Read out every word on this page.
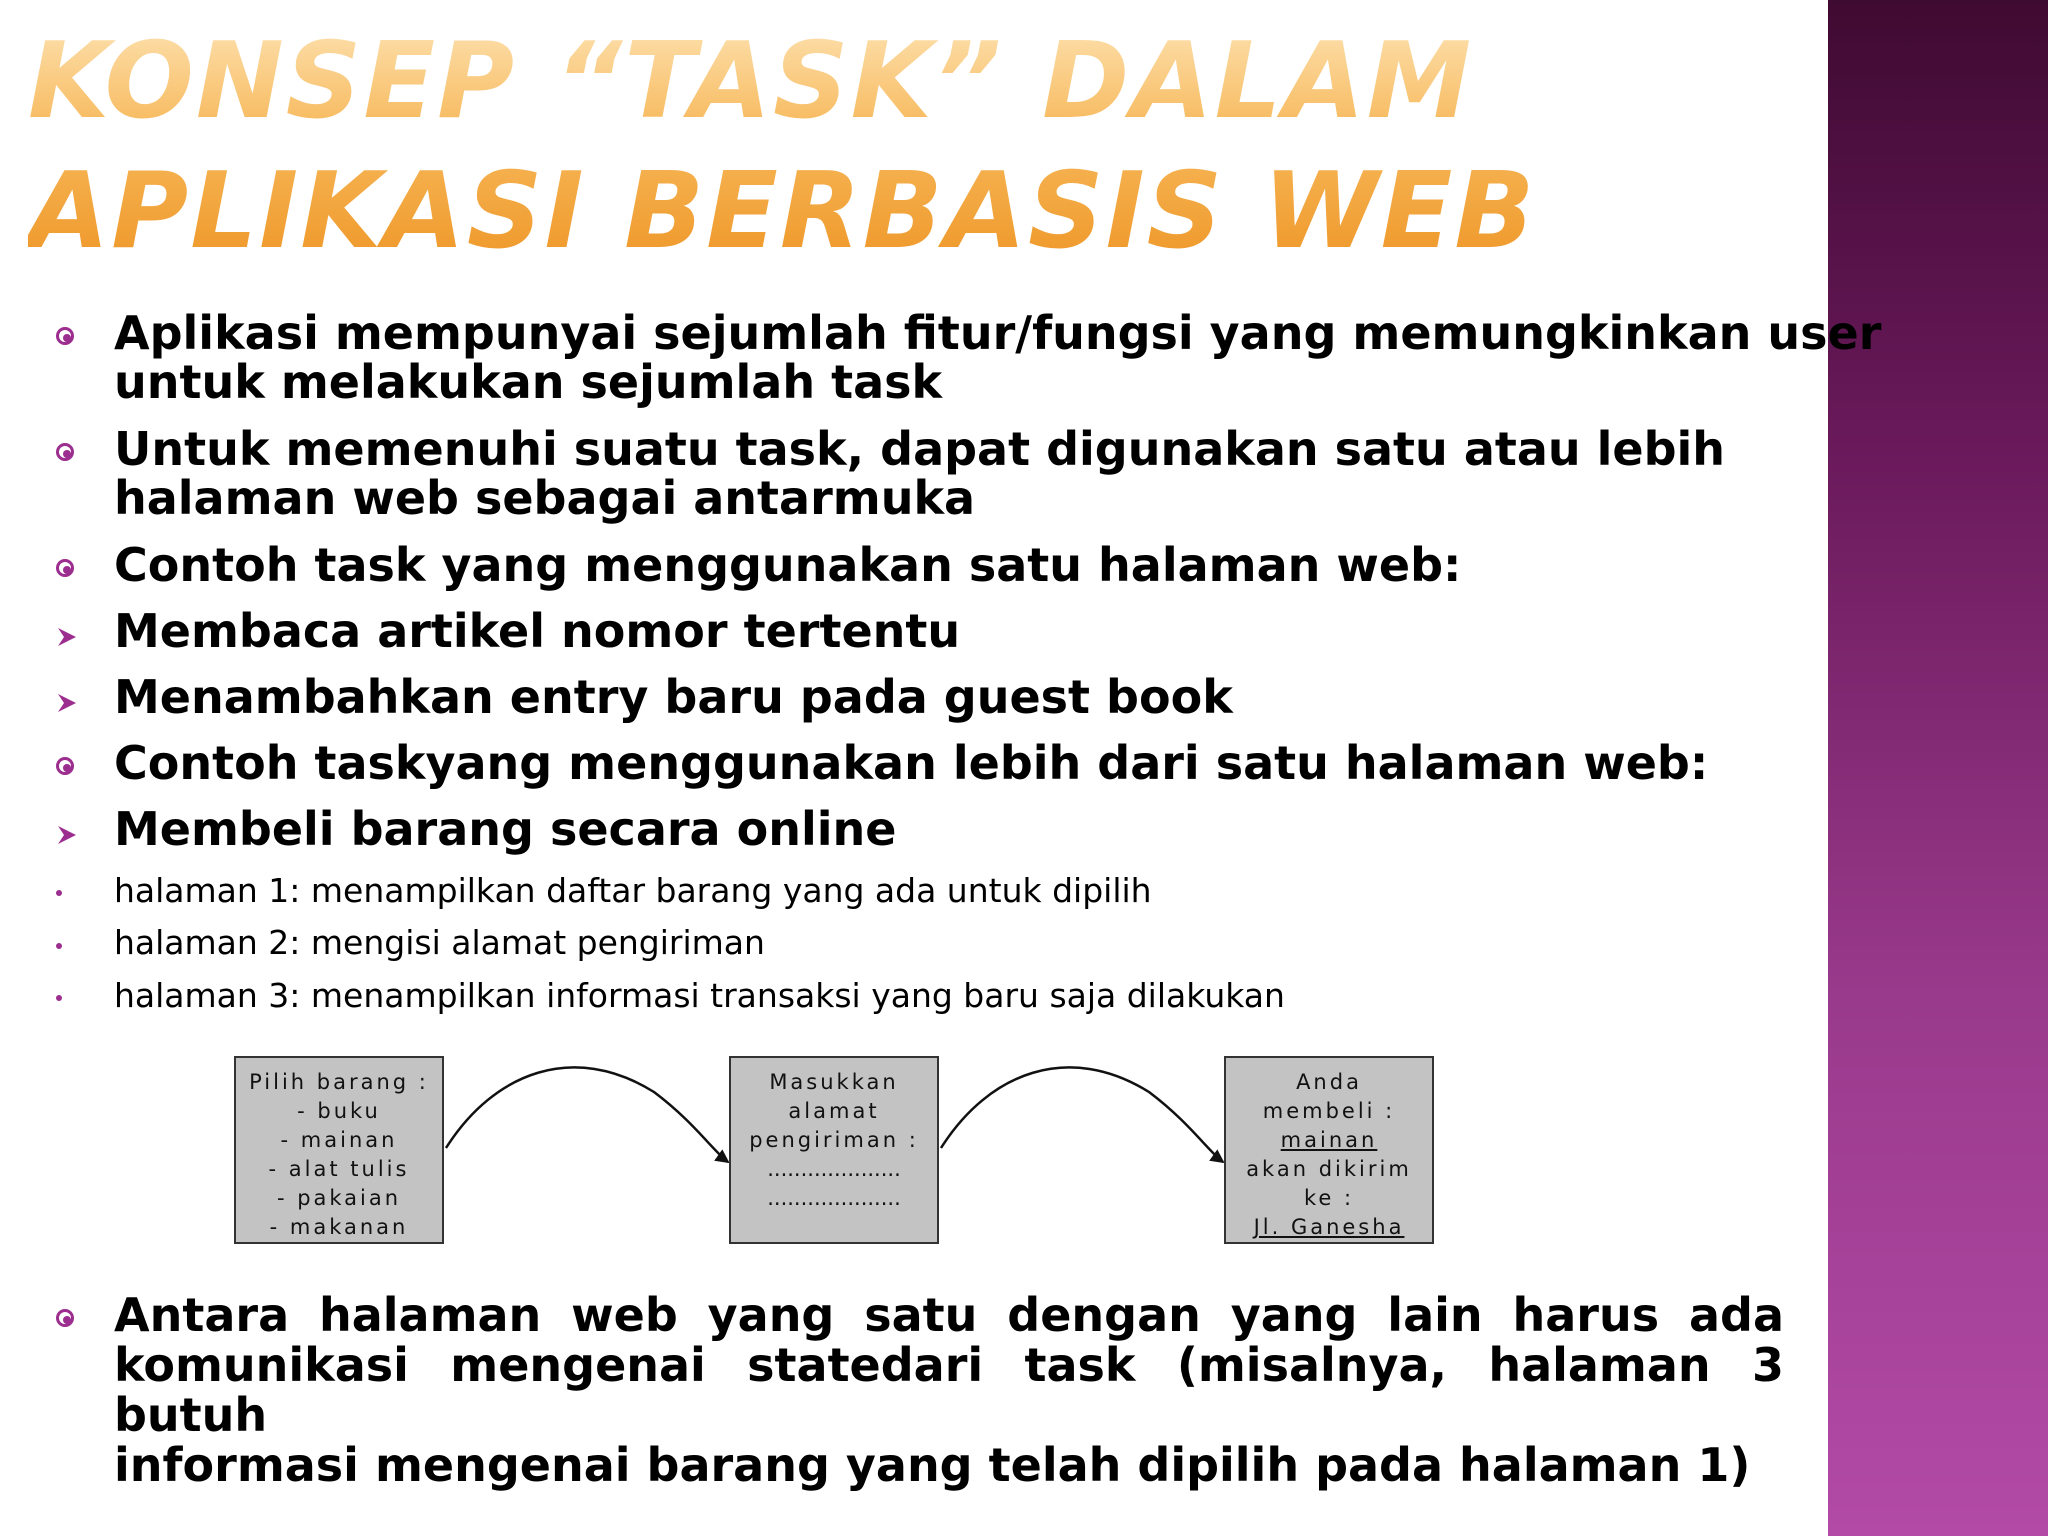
KONSEP “TASK” DALAM APLIKASI BERBASIS WEB
Aplikasi mempunyai sejumlah fitur/fungsi yang memungkinkan user
untuk melakukan sejumlah task
Untuk memenuhi suatu task, dapat digunakan satu atau lebih
halaman web sebagai antarmuka
Contoh task yang menggunakan satu halaman web:
Membaca artikel nomor tertentu
Menambahkan entry baru pada guest book
Contoh taskyang menggunakan lebih dari satu halaman web:
Membeli barang secara online
halaman 1: menampilkan daftar barang yang ada untuk dipilih
halaman 2: mengisi alamat pengiriman
halaman 3: menampilkan informasi transaksi yang baru saja dilakukan
Antara halaman web yang satu dengan yang lain harus ada
komunikasi mengenai statedari task (misalnya, halaman 3 butuh
informasi mengenai barang yang telah dipilih pada halaman 1)
Pilih barang :
- buku
- mainan
- alat tulis
- pakaian
- makanan
Masukkan
alamat
pengiriman :
....................
....................
Anda
membeli :
mainan
akan dikirim
ke :
Jl. Ganesha
